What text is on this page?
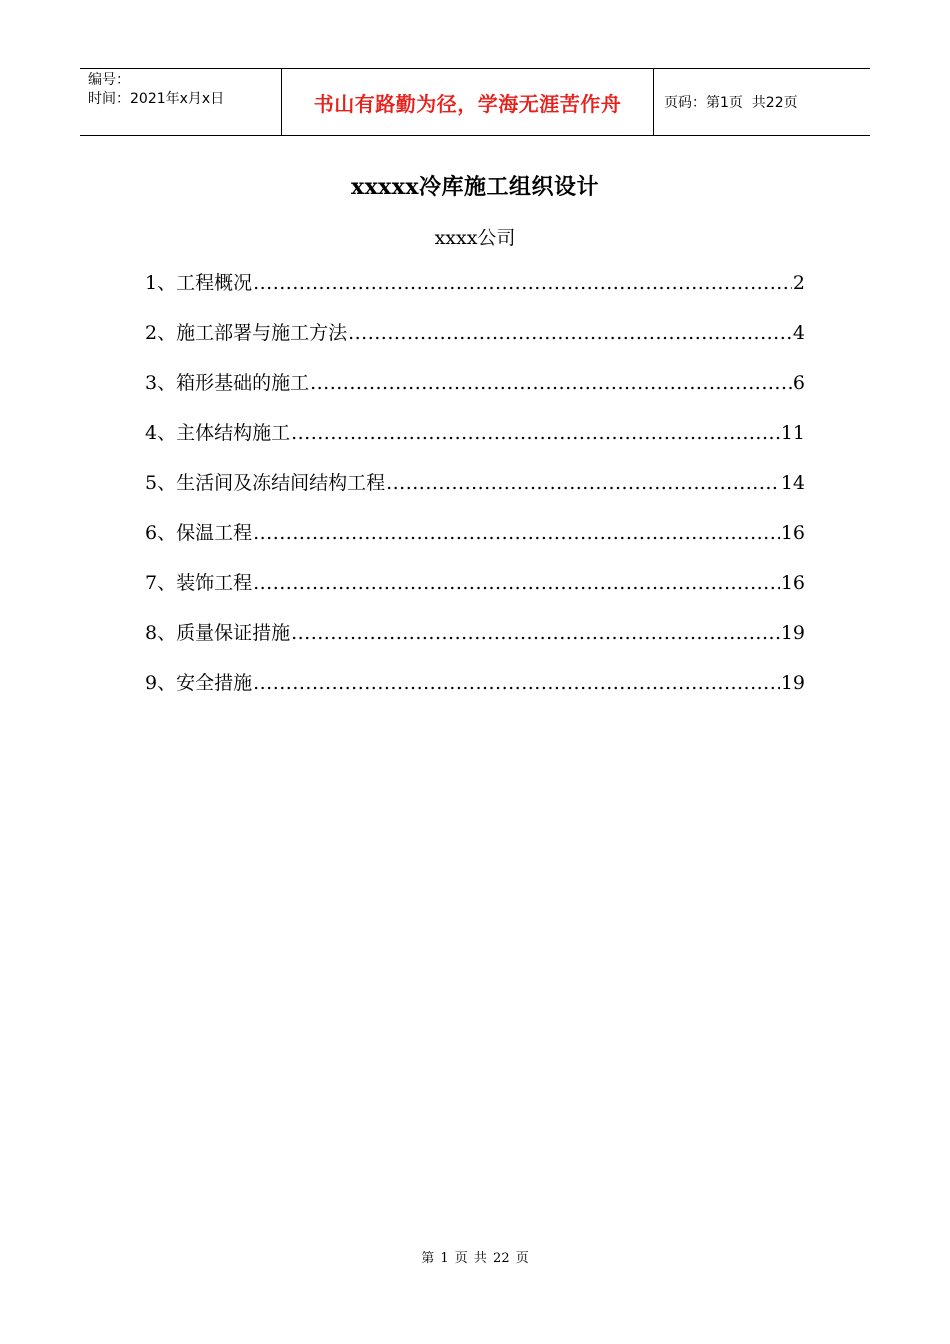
编号：
时间：2021年x月x日	书山有路勤为径，学海无涯苦作舟	页码：第1页  共22页
xxxxx冷库施工组织设计
xxxx公司
1、工程概况 .....	2
2、施工部署与施工方法 .....	4
3、箱形基础的施工 .....	6
4、主体结构施工 .....	11
5、生活间及冻结间结构工程 .....	14
6、保温工程 .....	16
7、装饰工程 .....	16
8、质量保证措施 .....	19
9、安全措施 .....	19
第 1 页 共 22 页
